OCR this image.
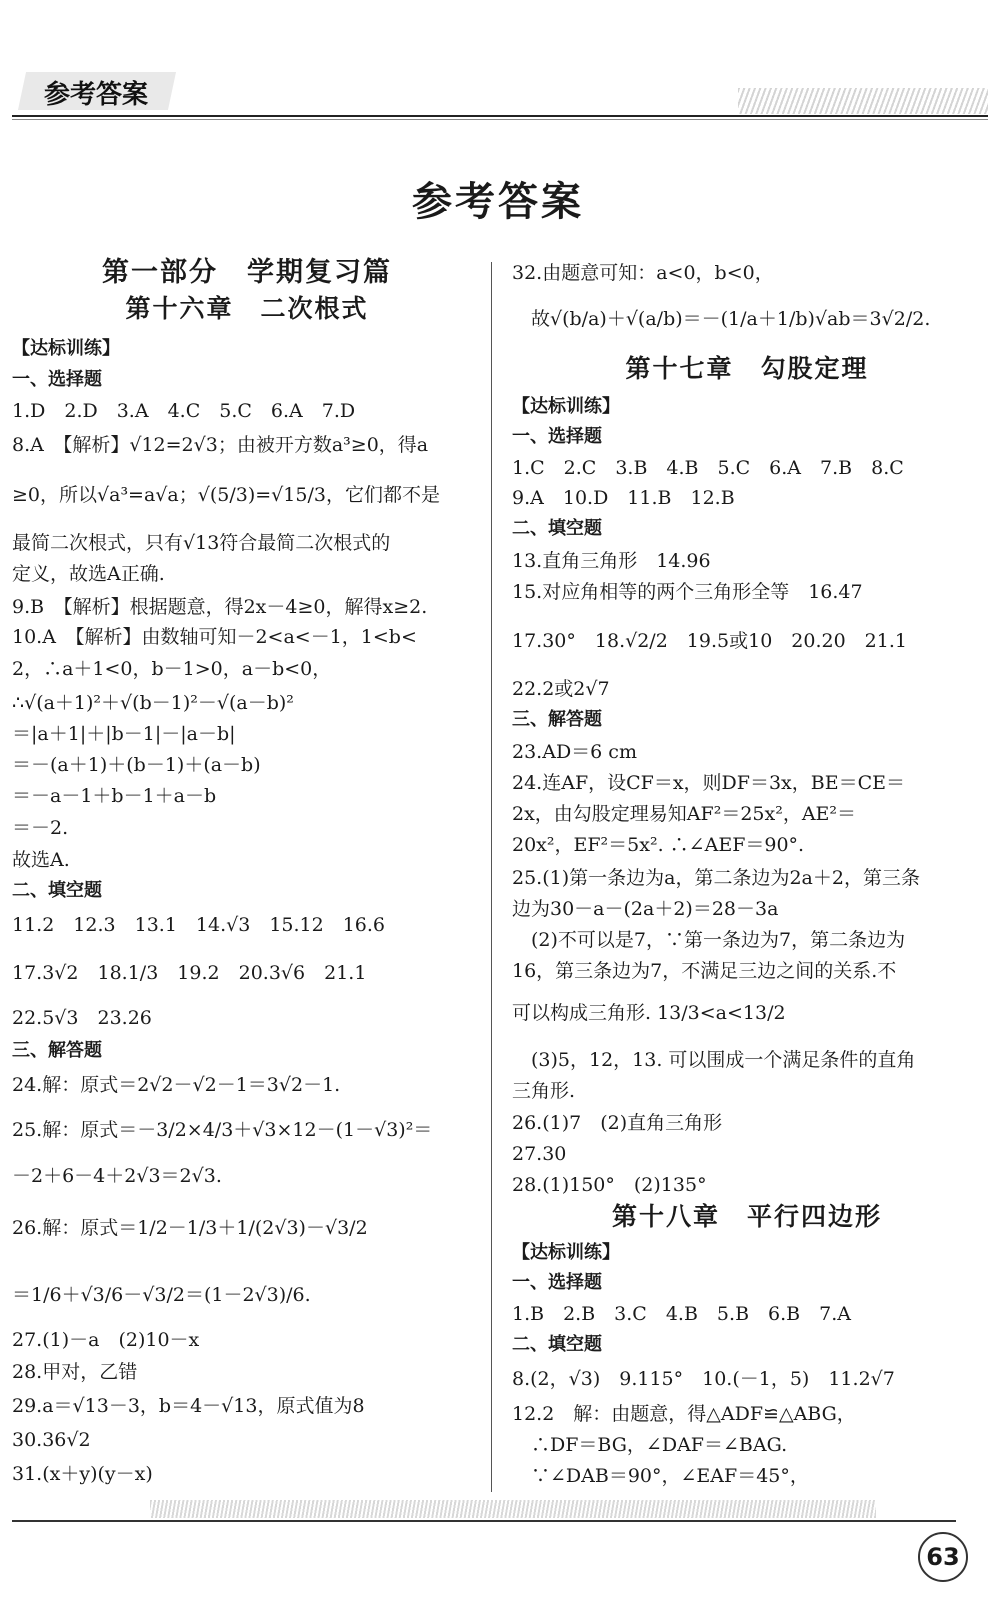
参考答案
参考答案
第一部分　学期复习篇
第十六章　二次根式
【达标训练】
一、选择题
1.D　2.D　3.A　4.C　5.C　6.A　7.D
8.A　【解析】√12=2√3；由被开方数a³≥0，得a
≥0，所以√a³=a√a；√(5/3)=√15/3，它们都不是
最简二次根式，只有√13符合最简二次根式的
定义，故选A正确.
9.B　【解析】根据题意，得2x－4≥0，解得x≥2.
10.A　【解析】由数轴可知－2<a<－1，1<b<
2，∴a＋1<0，b－1>0，a－b<0，
∴√(a＋1)²＋√(b－1)²－√(a－b)²
＝|a＋1|＋|b－1|－|a－b|
＝－(a＋1)＋(b－1)＋(a－b)
＝－a－1＋b－1＋a－b
＝－2.
故选A.
二、填空题
11.2　12.3　13.1　14.√3　15.12　16.6
17.3√2　18.1/3　19.2　20.3√6　21.1
22.5√3　23.26
三、解答题
24.解：原式＝2√2－√2－1＝3√2－1.
25.解：原式＝－3/2×4/3＋√3×12－(1－√3)²＝
－2＋6－4＋2√3＝2√3.
26.解：原式＝1/2－1/3＋1/(2√3)－√3/2
＝1/6＋√3/6－√3/2＝(1－2√3)/6.
27.(1)－a　(2)10－x
28.甲对，乙错
29.a＝√13－3，b＝4－√13，原式值为8
30.36√2
31.(x＋y)(y－x)
32.由题意可知：a<0，b<0，
　故√(b/a)＋√(a/b)＝－(1/a＋1/b)√ab＝3√2/2.
第十七章　勾股定理
【达标训练】
一、选择题
1.C　2.C　3.B　4.B　5.C　6.A　7.B　8.C
9.A　10.D　11.B　12.B
二、填空题
13.直角三角形　14.96
15.对应角相等的两个三角形全等　16.47
17.30°　18.√2/2　19.5或10　20.20　21.1
22.2或2√7
三、解答题
23.AD＝6 cm
24.连AF，设CF＝x，则DF＝3x，BE＝CE＝
2x，由勾股定理易知AF²＝25x²，AE²＝
20x²，EF²＝5x². ∴∠AEF＝90°.
25.(1)第一条边为a，第二条边为2a＋2，第三条
边为30－a－(2a＋2)＝28－3a
　(2)不可以是7，∵第一条边为7，第二条边为
16，第三条边为7，不满足三边之间的关系.不
可以构成三角形. 13/3<a<13/2
　(3)5，12，13. 可以围成一个满足条件的直角
三角形.
26.(1)7　(2)直角三角形
27.30
28.(1)150°　(2)135°
第十八章　平行四边形
【达标训练】
一、选择题
1.B　2.B　3.C　4.B　5.B　6.B　7.A
二、填空题
8.(2，√3)　9.115°　10.(－1，5)　11.2√7
12.2　解：由题意，得△ADF≌△ABG，
　∴DF＝BG，∠DAF＝∠BAG.
　∵∠DAB＝90°，∠EAF＝45°，
63
